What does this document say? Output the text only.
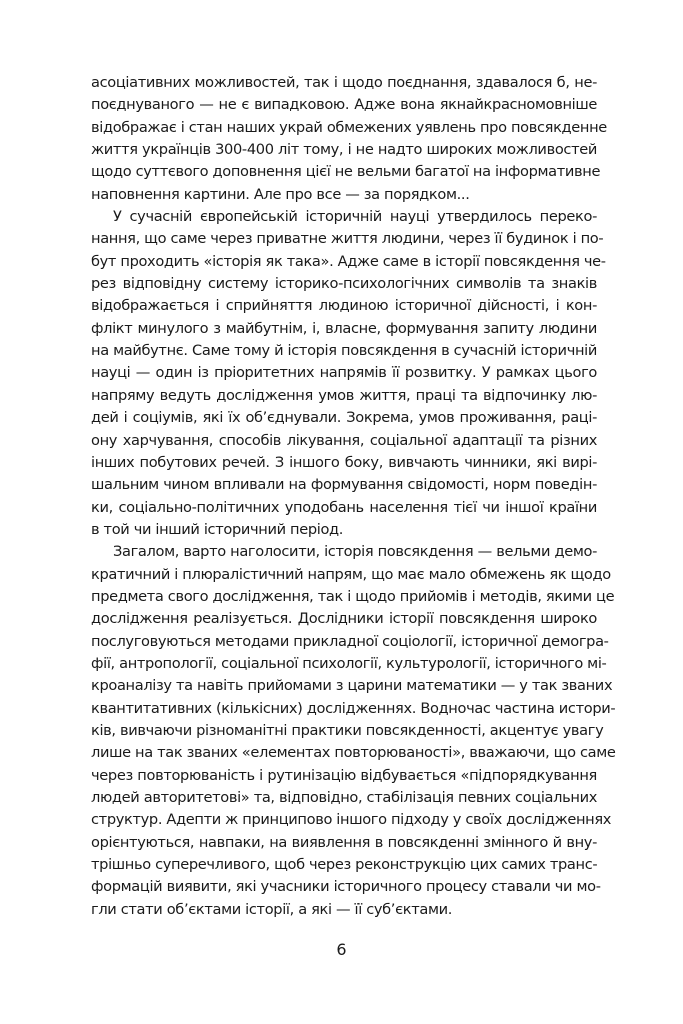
асоціативних можливостей, так і щодо поєднання, здавалося б, не-
поєднуваного — не є випадковою. Адже вона якнайкрасномовніше
відображає і стан наших украй обмежених уявлень про повсякденне
життя українців 300-400 літ тому, і не надто широких можливостей
щодо суттєвого доповнення цієї не вельми багатої на інформативне
наповнення картини. Але про все — за порядком...
У сучасній європейській історичній науці утвердилось переко-
нання, що саме через приватне життя людини, через її будинок і по-
бут проходить «історія як така». Адже саме в історії повсякдення че-
рез відповідну систему історико-психологічних символів та знаків
відображається і сприйняття людиною історичної дійсності, і кон-
флікт минулого з майбутнім, і, власне, формування запиту людини
на майбутнє. Саме тому й історія повсякдення в сучасній історичній
науці — один із пріоритетних напрямів її розвитку. У рамках цього
напряму ведуть дослідження умов життя, праці та відпочинку лю-
дей і соціумів, які їх об’єднували. Зокрема, умов проживання, раці-
ону харчування, способів лікування, соціальної адаптації та різних
інших побутових речей. З іншого боку, вивчають чинники, які вирі-
шальним чином впливали на формування свідомості, норм поведін-
ки, соціально-політичних уподобань населення тієї чи іншої країни
в той чи інший історичний період.
Загалом, варто наголосити, історія повсякдення — вельми демо-
кратичний і плюралістичний напрям, що має мало обмежень як щодо
предмета свого дослідження, так і щодо прийомів і методів, якими це
дослідження реалізується. Дослідники історії повсякдення широко
послуговуються методами прикладної соціології, історичної демогра-
фії, антропології, соціальної психології, культурології, історичного мі-
кроаналізу та навіть прийомами з царини математики — у так званих
квантитативних (кількісних) дослідженнях. Водночас частина истори-
ків, вивчаючи різноманітні практики повсякденності, акцентує увагу
лише на так званих «елементах повторюваності», вважаючи, що саме
через повторюваність і рутинізацію відбувається «підпорядкування
людей авторитетові» та, відповідно, стабілізація певних соціальних
структур. Адепти ж принципово іншого підходу у своїх дослідженнях
орієнтуються, навпаки, на виявлення в повсякденні змінного й вну-
трішньо суперечливого, щоб через реконструкцію цих самих транс-
формацій виявити, які учасники історичного процесу ставали чи мо-
гли стати об’єктами історії, а які — її суб’єктами.
6
